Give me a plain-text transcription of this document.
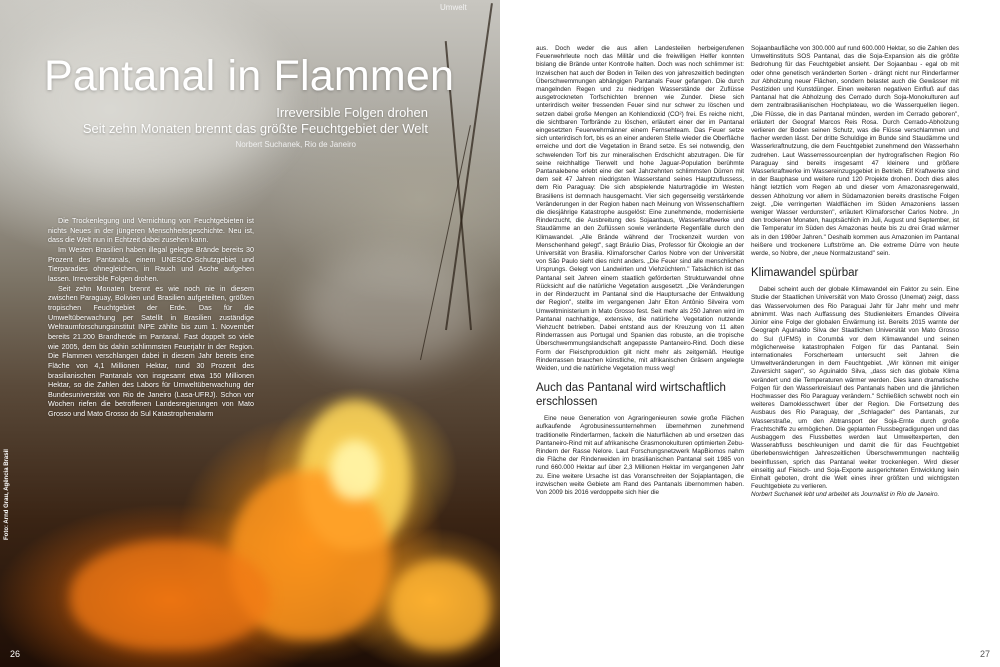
Umwelt
Pantanal in Flammen
Irreversible Folgen drohen
Seit zehn Monaten brennt das größte Feuchtgebiet der Welt
Norbert Suchanek, Rio de Janeiro

Die Trockenlegung und Vernichtung von Feuchtgebieten ist nichts Neues in der jüngeren Menschheitsgeschichte. Neu ist, dass die Welt nun in Echtzeit dabei zusehen kann.

Im Westen Brasilien haben illegal gelegte Brände bereits 30 Prozent des Pantanals, einem UNESCO-Schutzgebiet und Tierparadies ohnegleichen, in Rauch und Asche aufgehen lassen. Irreversible Folgen drohen.

Seit zehn Monaten brennt es wie noch nie in diesem zwischen Paraguay, Bolivien und Brasilien aufgeteilten, größten tropischen Feuchtgebiet der Erde. Das für die Umweltüberwachung per Satellit in Brasilien zuständige Weltraumforschungsinstitut INPE zählte bis zum 1. November bereits 21.200 Brandherde im Pantanal. Fast doppelt so viele wie 2005, dem bis dahin schlimmsten Feuerjahr in der Region. Die Flammen verschlangen dabei in diesem Jahr bereits eine Fläche von 4,1 Millionen Hektar, rund 30 Prozent des brasilianischen Pantanals von insgesamt etwa 150 Millionen Hektar, so die Zahlen des Labors für Umweltüberwachung der Bundesuniversität von Rio de Janeiro (Lasa-UFRJ). Schon vor Wochen riefen die betroffenen Landesregierungen von Mato Grosso und Mato Grosso do Sul Katastrophenalarm

Foto: Arnd Grau, Agência Brasil
26

aus. Doch weder die aus allen Landesteilen herbeigerufenen Feuerwehrleute noch das Militär und die freiwilligen Helfer konnten bislang die Brände unter Kontrolle halten. Doch was noch schlimmer ist: Inzwischen hat auch der Boden in Teilen des von jahreszeitlich bedingten Überschwemmungen abhängigen Pantanals Feuer gefangen. Die durch mangelnden Regen und zu niedrigen Wasserstände der Zuflüsse ausgetrockneten Torfschichten brennen wie Zunder. Diese sich unterirdisch weiter fressenden Feuer sind nur schwer zu löschen und setzen dabei große Mengen an Kohlendioxid (CO²) frei. Es reiche nicht, die sichtbaren Torfbrände zu löschen, erläutert einer der im Pantanal eingesetzten Feuerwehrmänner einem Fernsehteam. Das Feuer setze sich unterirdisch fort, bis es an einer anderen Stelle wieder die Oberfläche erreiche und dort die Vegetation in Brand setze. Es sei notwendig, den schwelenden Torf bis zur mineralischen Erdschicht abzutragen. Die für seine reichhaltige Tierwelt und hohe Jaguar-Population berühmte Pantanalebene erlebt eine der seit Jahrzehnten schlimmsten Dürren mit dem seit 47 Jahren niedrigsten Wasserstand seines Hauptzuflussess, dem Rio Paraguay: Die sich abspielende Naturtragödie im Westen Brasiliens ist demnach hausgemacht. Vier sich gegenseitig verstärkende Veränderungen in der Region haben nach Meinung von Wissenschaftlern die diesjährige Katastrophe ausgelöst: Eine zunehmende, modernisierte Rinderzucht, die Ausbreitung des Sojaanbaus, Wasserkraftwerke und Staudämme an den Zuflüssen sowie veränderte Regenfälle durch den Klimawandel. „Alle Brände während der Trockenzeit wurden von Menschenhand gelegt", sagt Bráulio Dias, Professor für Ökologie an der Universität von Brasilia. Klimaforscher Carlos Nobre von der Universität von São Paulo sieht dies nicht anders. „Die Feuer sind alle menschlichen Ursprungs. Gelegt von Landwirten und Viehzüchtern." Tatsächlich ist das Pantanal seit Jahren einem staatlich geförderten Strukturwandel ohne Rücksicht auf die natürliche Vegetation ausgesetzt. „Die Veränderungen in der Rinderzucht im Pantanal sind die Hauptursache der Entwaldung der Region", stellte im vergangenen Jahr Elton Antônio Silveira vom Umweltministerium in Mato Grosso fest. Seit mehr als 250 Jahren wird im Pantanal nachhaltige, extensive, die natürliche Vegetation nutzende Viehzucht betrieben. Dabei entstand aus der Kreuzung von 11 alten Rinderrassen aus Portugal und Spanien das robuste, an die tropische Überschwemmungslandschaft angepasste Pantaneiro-Rind. Doch diese Form der Fleischproduktion gilt nicht mehr als zeitgemäß. Heutige Rinderrassen brauchen künstliche, mit afrikanischen Gräsern angelegte Weiden, und die natürliche Vegetation muss weg!

Auch das Pantanal wird wirtschaftlich erschlossen

Eine neue Generation von Agraringenieuren sowie große Flächen aufkaufende Agrobusinessunternehmen übernehmen zunehmend traditionelle Rinderfarmen, fackeln die Naturflächen ab und ersetzen das Pantaneiro-Rind mit auf afrikanische Grasmonokulturen optimierten Zebu-Rindern der Rasse Nelore. Laut Forschungsnetzwerk MapBiomos nahm die Fläche der Rinderweiden im brasilianischen Pantanal seit 1985 von rund 660.000 Hektar auf über 2,3 Millionen Hektar im vergangenen Jahr zu. Eine weitere Ursache ist das Voranschreiten der Sojaplantagen, die inzwischen weite Gebiete am Rand des Pantanals übernommen haben. Von 2009 bis 2016 verdoppelte sich hier die

Sojaanbaufläche von 300.000 auf rund 600.000 Hektar, so die Zahlen des Umweltinstituts SOS Pantanal, das die Soja-Expansion als die größte Bedrohung für das Feuchtgebiet ansieht. Der Sojaanbau - egal ob mit oder ohne genetisch veränderten Sorten - drängt nicht nur Rinderfarmer zur Abholzung neuer Flächen, sondern belastet auch die Gewässer mit Pestiziden und Kunstdünger. Einen weiteren negativen Einfluß auf das Pantanal hat die Abholzung des Cerrado durch Soja-Monokulturen auf dem zentralbrasilianischen Hochplateau, wo die Wasserquellen liegen. „Die Flüsse, die in das Pantanal münden, werden im Cerrado geboren", erläutert der Geograf Marcos Reis Rosa. Durch Cerrado-Abholzung verlieren der Boden seinen Schutz, was die Flüsse verschlammen und flacher werden lässt. Der dritte Schuldige im Bunde sind Staudämme und Wasserkraftnutzung, die dem Feuchtgebiet zunehmend den Wasserhahn zudrehen. Laut Wasserressourcenplan der hydrografischen Region Rio Paraguay sind bereits insgesamt 47 kleinere und größere Wasserkraftwerke im Wassereinzugsgebiet in Betrieb. Elf Kraftwerke sind in der Bauphase und weitere rund 120 Projekte drohen. Doch dies alles hängt letztlich vom Regen ab und dieser vom Amazonasregenwald, dessen Abholzung vor allem in Südamazonien bereits drastische Folgen zeigt. „Die verringerten Waldflächen im Süden Amazoniens lassen weniger Wasser verdunsten", erläutert Klimaforscher Carlos Nobre. „In den trockenen Monaten, hauptsächlich im Juli, August und September, ist die Temperatur im Süden des Amazonas heute bis zu drei Grad wärmer als in den 1980er Jahren." Deshalb kommen aus Amazonien im Pantanal heißere und trockenere Luftströme an. Die extreme Dürre von heute werde, so Nobre, der „neue Normalzustand" sein.

Klimawandel spürbar

Dabei scheint auch der globale Klimawandel ein Faktor zu sein. Eine Studie der Staatlichen Universität von Mato Grosso (Unemat) zeigt, dass das Wasservolumen des Rio Paraguai Jahr für Jahr mehr und mehr abnimmt. Was nach Auffassung des Studienleiters Ernandes Oliveira Júnior eine Folge der globalen Erwärmung ist. Bereits 2015 warnte der Geograph Aguinaldo Silva der Staatlichen Universität von Mato Grosso do Sul (UFMS) in Corumbá vor dem Klimawandel und seinen möglicherweise katastrophalen Folgen für das Pantanal. Sein internationales Forscherteam untersucht seit Jahren die Umweltveränderungen in dem Feuchtgebiet. „Wir können mit einiger Zuversicht sagen", so Aguinaldo Silva, „dass sich das globale Klima verändert und die Temperaturen wärmer werden. Dies kann dramatische Folgen für den Wasserkreislauf des Pantanals haben und die jährlichen Hochwasser des Rio Paraguay verändern." Schließlich schwebt noch ein weiteres Damoklesschwert über der Region. Die Fortsetzung des Ausbaus des Rio Paraguay, der „Schlagader" des Pantanals, zur Wasserstraße, um den Abtransport der Soja-Ernte durch große Frachtschiffe zu ermöglichen. Die geplanten Flussbegradigungen und das Ausbaggern des Flussbettes werden laut Umweltexperten, den Wasserabfluss beschleunigen und damit die für das Feuchtgebiet überlebenswichtigen Jahreszeitlichen Überschwemmungen nachteilig beeinflussen, sprich das Pantanal weiter trockenlegen. Wird dieser einseitig auf Fleisch- und Soja-Exporte ausgerichteten Entwicklung kein Einhalt geboten, droht die Welt eines ihrer größten und wichtigsten Feuchtgebiete zu verlieren.

Norbert Suchanek lebt und arbeitet als Journalist in Rio de Janeiro.

27
